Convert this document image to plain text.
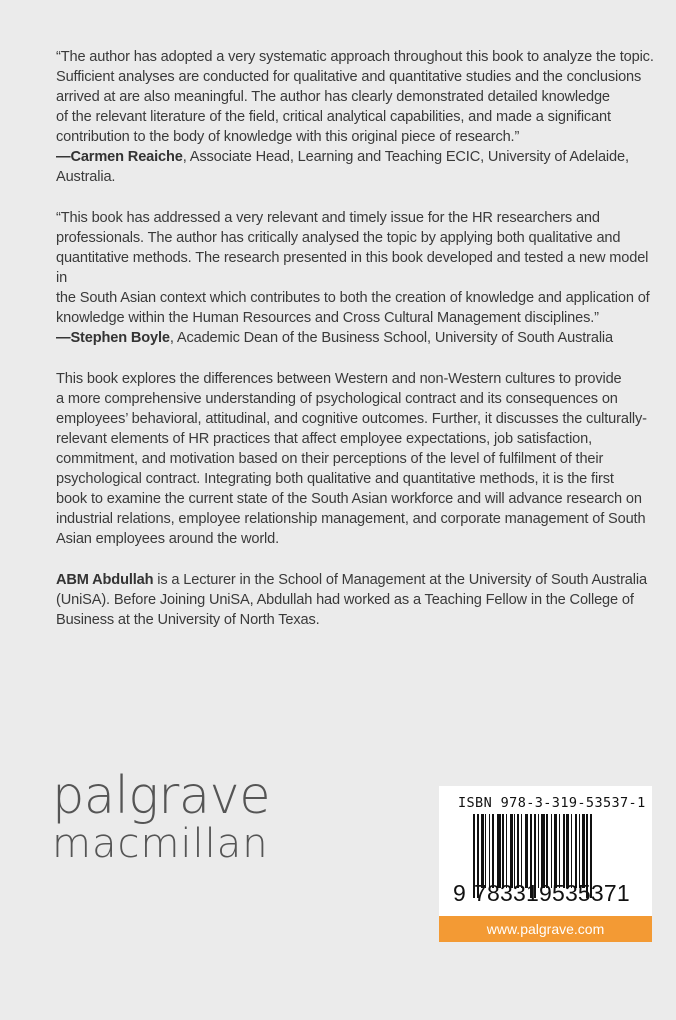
“The author has adopted a very systematic approach throughout this book to analyze the topic.

Sufficient analyses are conducted for qualitative and quantitative studies and the conclusions

arrived at are also meaningful. The author has clearly demonstrated detailed knowledge

of the relevant literature of the field, critical analytical capabilities, and made a significant

contribution to the body of knowledge with this original piece of research.”

—Carmen Reaiche, Associate Head, Learning and Teaching ECIC, University of Adelaide,

Australia.

“This book has addressed a very relevant and timely issue for the HR researchers and

professionals. The author has critically analysed the topic by applying both qualitative and

quantitative methods. The research presented in this book developed and tested a new model in

the South Asian context which contributes to both the creation of knowledge and application of

knowledge within the Human Resources and Cross Cultural Management disciplines.”

—Stephen Boyle, Academic Dean of the Business School, University of South Australia

This book explores the differences between Western and non-Western cultures to provide

a more comprehensive understanding of psychological contract and its consequences on

employees’ behavioral, attitudinal, and cognitive outcomes. Further, it discusses the culturally-

relevant elements of HR practices that affect employee expectations, job satisfaction,

commitment, and motivation based on their perceptions of the level of fulfilment of their

psychological contract. Integrating both qualitative and quantitative methods, it is the first

book to examine the current state of the South Asian workforce and will advance research on

industrial relations, employee relationship management, and corporate management of South

Asian employees around the world.

ABM Abdullah is a Lecturer in the School of Management at the University of South Australia

(UniSA). Before Joining UniSA, Abdullah had worked as a Teaching Fellow in the College of

Business at the University of North Texas.

palgrave
macmillan
ISBN 978-3-319-53537-1
9 783319535371
www.palgrave.com
